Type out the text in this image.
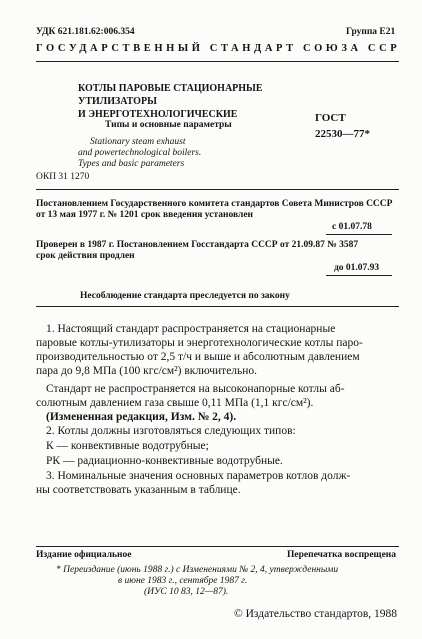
УДК 621.181.62:006.354	Группа Е21
ГОСУДАРСТВЕННЫЙ СТАНДАРТ СОЮЗА ССР
КОТЛЫ ПАРОВЫЕ СТАЦИОНАРНЫЕ
УТИЛИЗАТОРЫ
И ЭНЕРГОТЕХНОЛОГИЧЕСКИЕ
Типы и основные параметры
ГОСТ
22530—77*
Stationary steam exhaust
and powertechnological boilers.
Types and basic parameters
ОКП 31 1270
Постановлением Государственного комитета стандартов Совета Министров СССР
от 13 мая 1977 г. № 1201 срок введения установлен
с 01.07.78
Проверен в 1987 г. Постановлением Госстандарта СССР от 21.09.87 № 3587
срок действия продлен
до 01.07.93
Несоблюдение стандарта преследуется по закону
1. Настоящий стандарт распространяется на стационарные
паровые котлы-утилизаторы и энерготехнологические котлы паро-
производительностью от 2,5 т/ч и выше и абсолютным давлением
пара до 9,8 МПа (100 кгс/см²) включительно.
Стандарт не распространяется на высоконапорные котлы аб-
солютным давлением газа свыше 0,11 МПа (1,1 кгс/см²).
(Измененная редакция, Изм. № 2, 4).
2. Котлы должны изготовляться следующих типов:
К — конвективные водотрубные;
РК — радиационно-конвективные водотрубные.
3. Номинальные значения основных параметров котлов долж-
ны соответствовать указанным в таблице.
Издание официальное	Перепечатка воспрещена
* Переиздание (июнь 1988 г.) с Изменениями № 2, 4, утвержденными
в июне 1983 г., сентябре 1987 г.
(ИУС 10 83, 12—87).
© Издательство стандартов, 1988
